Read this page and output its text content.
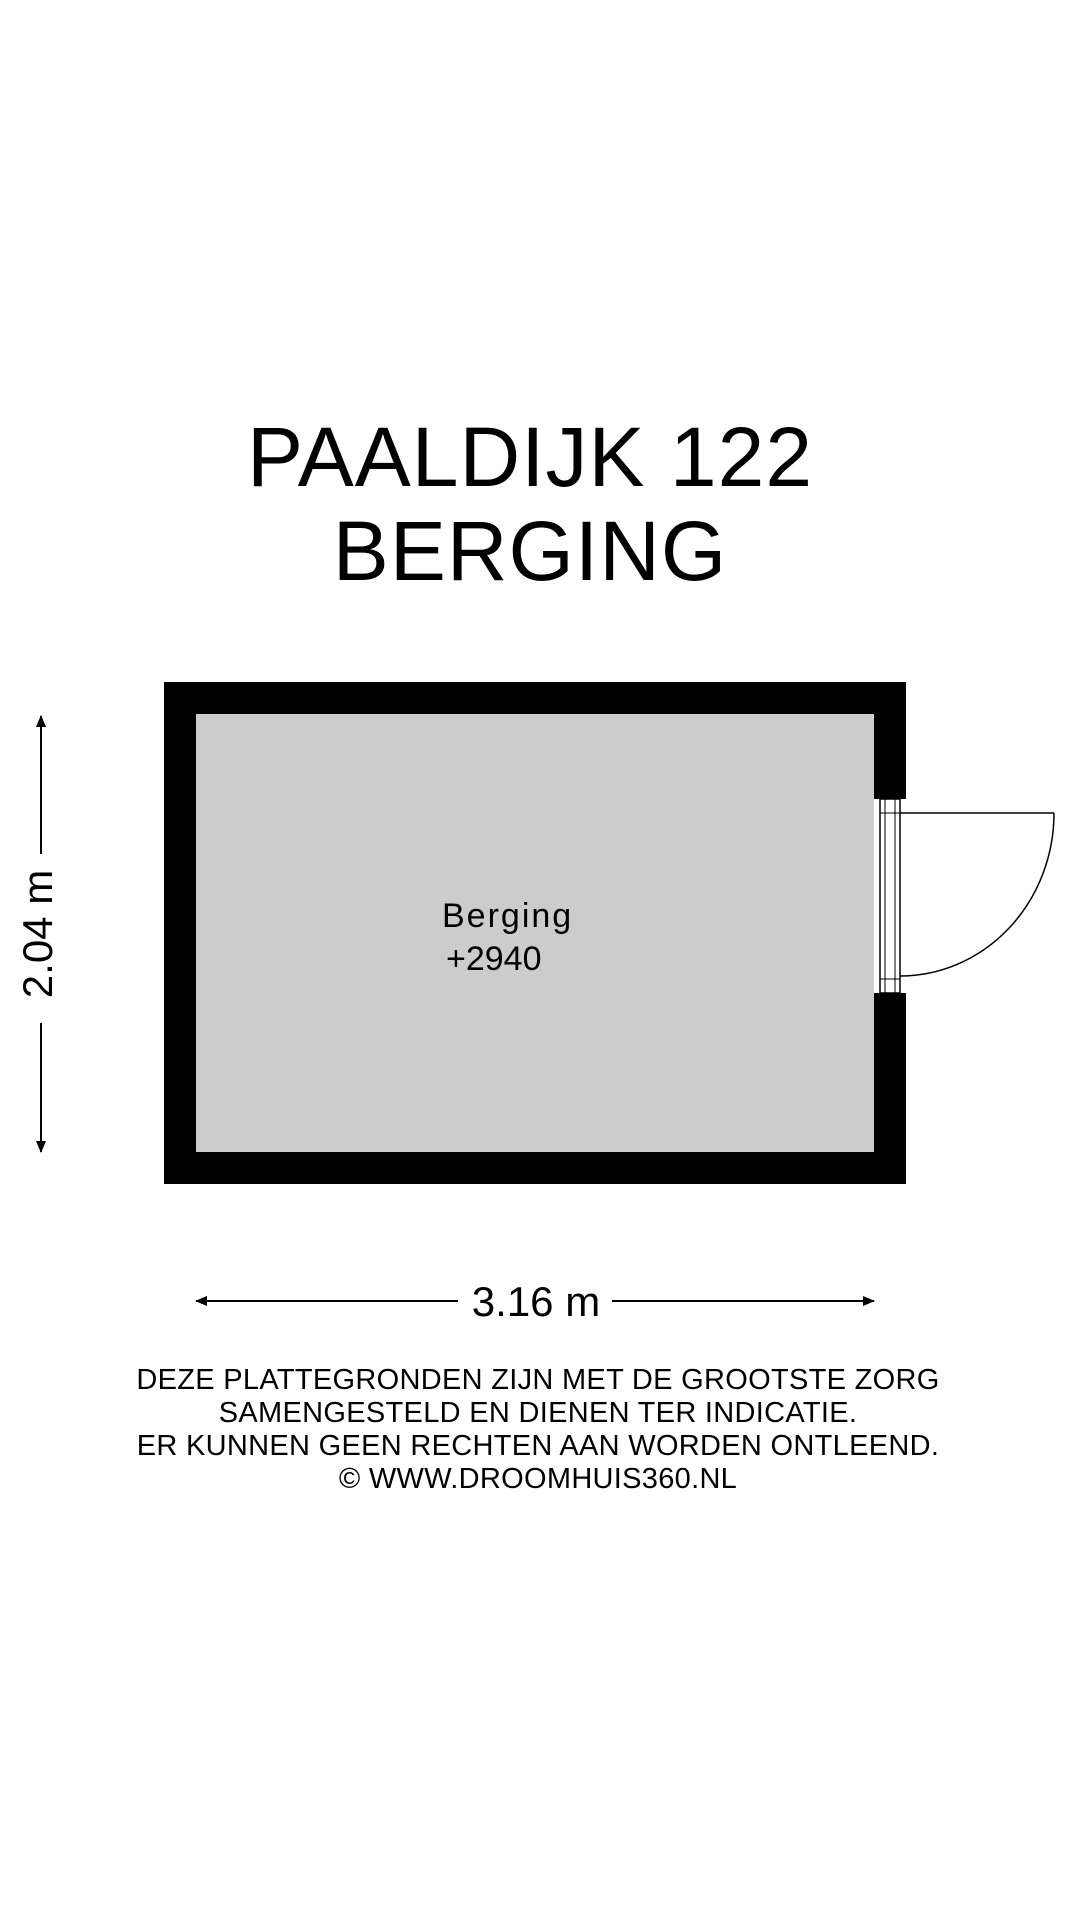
PAALDIJK 122
BERGING
Berging
+2940
2.04 m
3.16 m
DEZE PLATTEGRONDEN ZIJN MET DE GROOTSTE ZORG
SAMENGESTELD EN DIENEN TER INDICATIE.
ER KUNNEN GEEN RECHTEN AAN WORDEN ONTLEEND.
© WWW.DROOMHUIS360.NL
